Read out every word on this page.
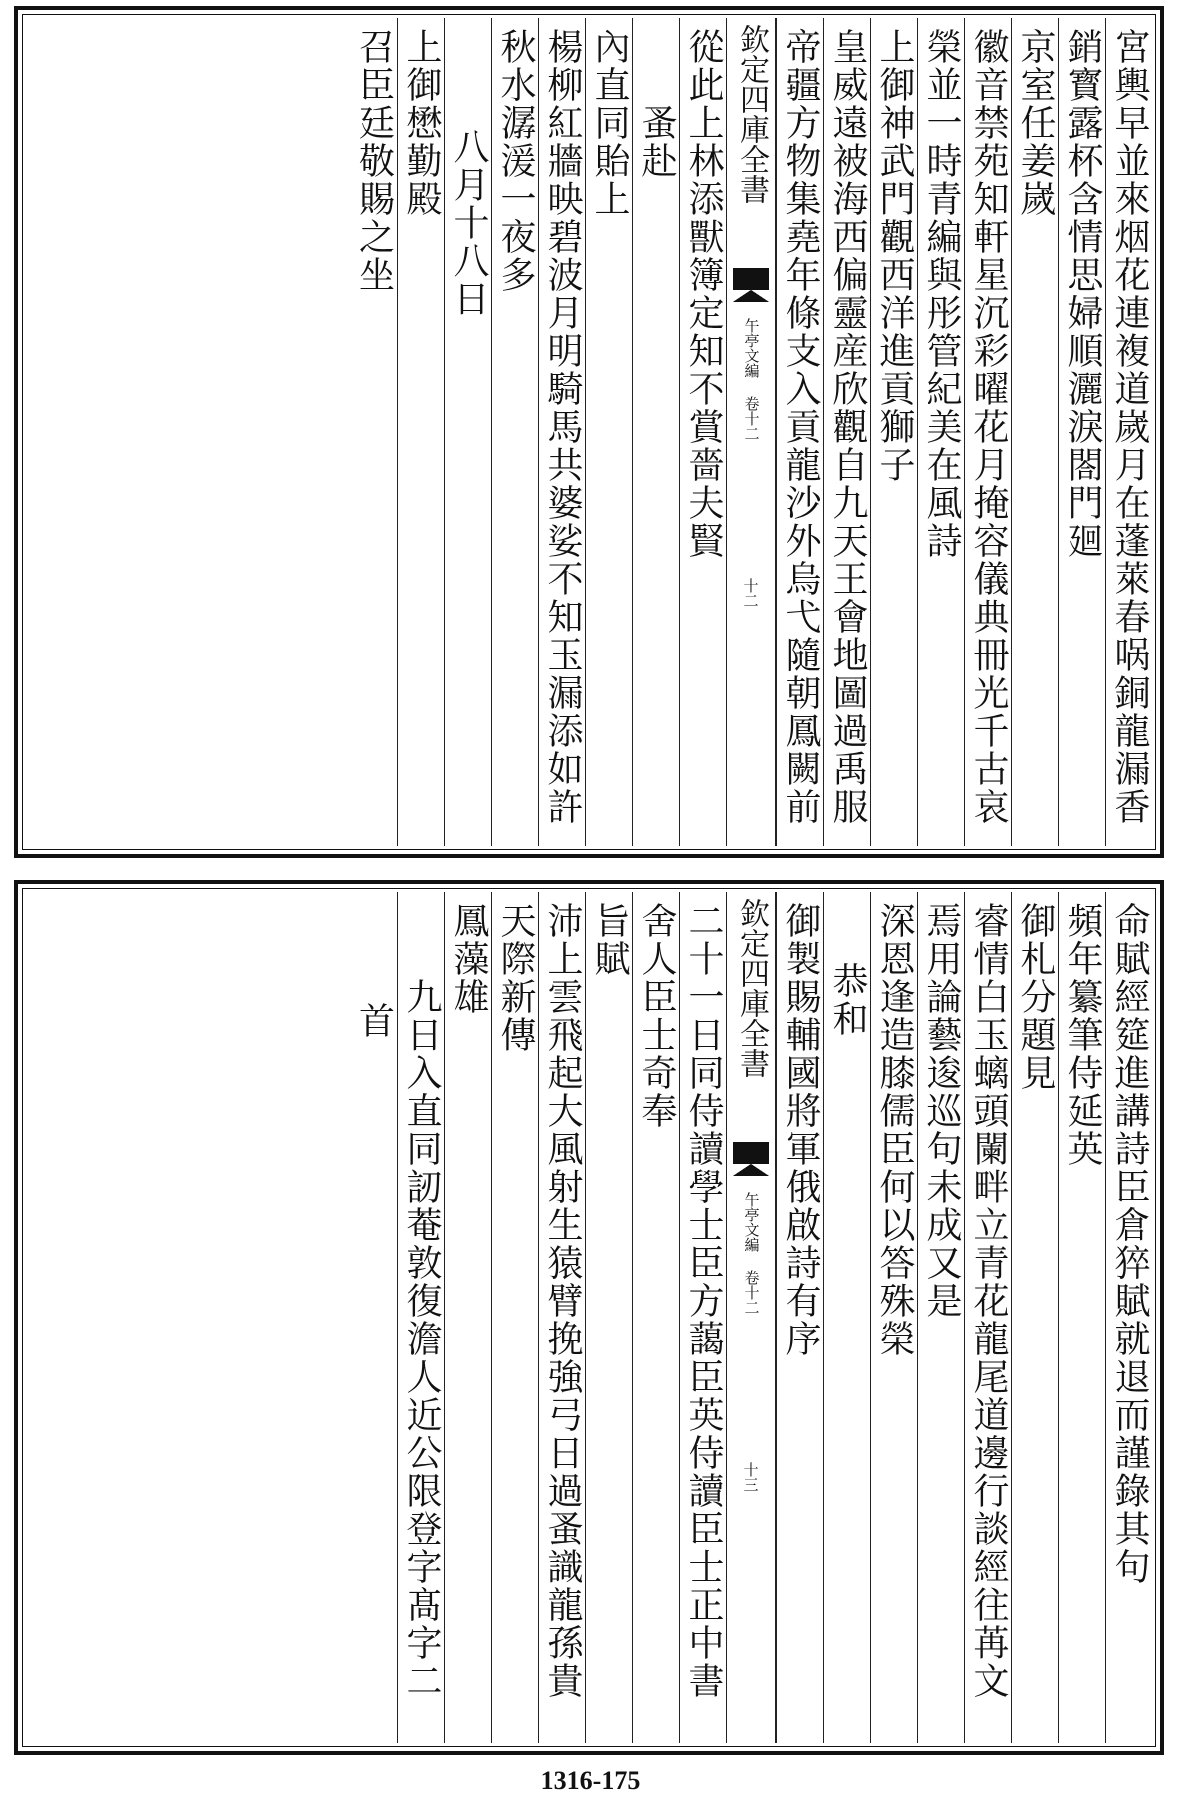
宮輿早並來烟花連複道嵗月在蓬萊春㖞銅龍漏香
銷寳露杯含情思婦順灑淚閤門廻
京室任姜嵗
徽音禁苑知軒星沉彩曜花月掩容儀典冊光千古哀
榮並一時青編與彤管紀美在風詩
上御神武門觀西洋進貢獅子
皇威遠被海西偏靈産欣觀自九天王會地圖過禹服
帝疆方物集堯年條支入貢龍沙外烏弋隨朝鳳闕前
欽定四庫全書
午亭文編 卷十二
十二
從此上林添獸簿定知不賞嗇夫賢
蚤赴
內直同貽上
楊柳紅牆映碧波月明騎馬共婆娑不知玉漏添如許
秋水潺湲一夜多
八月十八日
上御懋勤殿
召臣廷敬賜之坐
命賦經筵進講詩臣倉猝賦就退而謹錄其句
頻年纂筆侍延英
御札分題見
睿情白玉螭頭闌畔立青花龍尾道邊行談經往苒文
焉用論藝逡巡句未成又是
深恩逢造膝儒臣何以答殊榮
恭和
御製賜輔國將軍俄啟詩有序
欽定四庫全書
午亭文編 卷十二
十三
二十一日同侍讀學士臣方藹臣英侍讀臣士正中書
舍人臣士奇奉
旨賦
沛上雲飛起大風射生猿臂挽強弓日過蚤識龍孫貴
天際新傳
鳳藻雄
九日入直同訒菴敦復澹人近公限登字髙字二
首
1316-175
